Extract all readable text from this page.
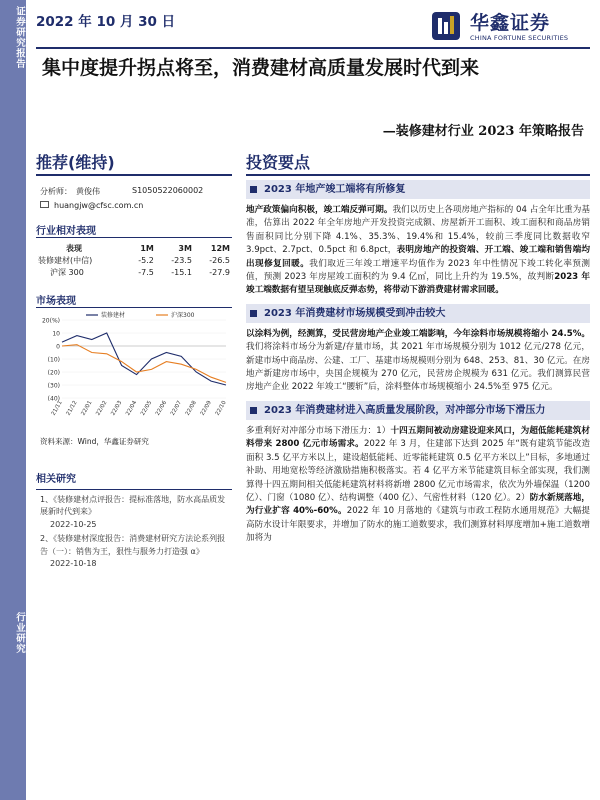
证券研究报告
行业研究
2022 年 10 月 30 日	华鑫证券
CHINA FORTUNE SECURITIES
集中度提升拐点将至，消费建材高质量发展时代到来
—装修建材行业 2023 年策略报告
推荐(维持)	投资要点
分析师： 黄俊伟	S1050522060002
huangjw@cfsc.com.cn
行业相对表现
表现	1M	3M	12M
装修建材(中信)	-5.2	-23.5	-26.5
沪深 300	-7.5	-15.1	-27.9
市场表现
20(%)
10
0
(10)
(20)
(30)
(40)
21/11 21/12 22/01 22/02 22/03 22/04 22/05 22/06 22/07 22/08 22/09 22/10
装修建材	沪深300
资料来源：Wind，华鑫证券研究
相关研究
1、《装修建材点评报告：提标准落地，防水高品质发展新时代到来》
2022-10-25
2、《装修建材深度报告：消费建材研究方法论系列报告（一）：销售为王，狠性与服务力打造强 α》
2022-10-18
2023 年地产竣工端将有所修复

地产政策偏向积极，竣工端反弹可期。我们以历史上各项房地产指标的 04 占全年比重为基准，估算出 2022 年全年房地产开发投资完成额、房屋新开工面积、竣工面积和商品房销售面积同比分别下降 4.1%、35.3%、19.4%和 15.4%，较前三季度同比数据收窄 3.9pct、2.7pct、0.5pct 和 6.8pct，表明房地产的投资端、开工端、竣工端和销售端均出现修复回暖。我们取近三年竣工增速平均值作为 2023 年中性情况下竣工转化率预测值，预测 2023 年房屋竣工面积约为 9.4 亿㎡，同比上升约为 19.5%，故判断2023 年竣工端数据有望呈现触底反弹态势，将带动下游消费建材需求回暖。

2023 年消费建材市场规模受到冲击较大

以涂料为例，经测算，受民营房地产企业竣工端影响，今年涂料市场规模将缩小 24.5%。我们将涂料市场分为新建/存量市场，其 2021 年市场规模分别为 1012 亿元/278 亿元，新建市场中商品房、公建、工厂、基建市场规模则分别为 648、253、81、30 亿元。在房地产新建房市场中，央国企规模为 270 亿元，民营房企规模为 631 亿元。我们测算民营房地产企业 2022 年竣工“腰斩”后，涂料整体市场规模缩小 24.5%至 975 亿元。

2023 年消费建材进入高质量发展阶段，对冲部分市场下滑压力

多重利好对冲部分市场下滑压力：1）十四五期间被动房建设迎来风口，为超低能耗建筑材料带来 2800 亿元市场需求。2022 年 3 月，住建部下达到 2025 年“既有建筑节能改造面积 3.5 亿平方米以上，建设超低能耗、近零能耗建筑 0.5 亿平方米以上”目标，多地通过补助、用地宽松等经济激励措施积极落实。若 4 亿平方米节能建筑目标全部实现，我们测算得十四五期间相关低能耗建筑材料将新增 2800 亿元市场需求，依次为外墙保温（1200 亿）、门窗（1080 亿）、结构调整（400 亿）、气密性材料（120 亿）。2）防水新规落地，为行业扩容 40%-60%。2022 年 10 月落地的《建筑与市政工程防水通用规范》大幅提高防水设计年限要求，并增加了防水的施工道数要求，我们测算材料厚度增加+施工道数增加将为
